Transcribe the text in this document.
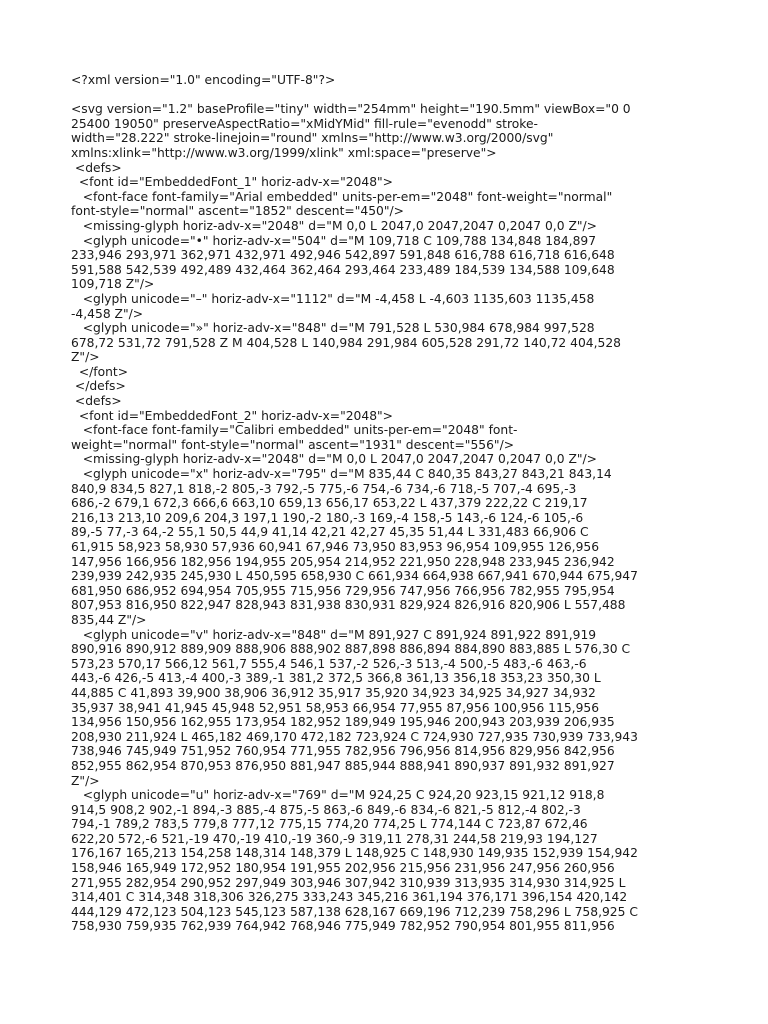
<?xml version="1.0" encoding="UTF-8"?>
<svg version="1.2" baseProfile="tiny" width="254mm" height="190.5mm" viewBox="0 0
25400 19050" preserveAspectRatio="xMidYMid" fill-rule="evenodd" stroke-
width="28.222" stroke-linejoin="round" xmlns="http://www.w3.org/2000/svg"
xmlns:xlink="http://www.w3.org/1999/xlink" xml:space="preserve">
<defs>
<font id="EmbeddedFont_1" horiz-adv-x="2048">
<font-face font-family="Arial embedded" units-per-em="2048" font-weight="normal"
font-style="normal" ascent="1852" descent="450"/>
<missing-glyph horiz-adv-x="2048" d="M 0,0 L 2047,0 2047,2047 0,2047 0,0 Z"/>
<glyph unicode="•" horiz-adv-x="504" d="M 109,718 C 109,788 134,848 184,897
233,946 293,971 362,971 432,971 492,946 542,897 591,848 616,788 616,718 616,648
591,588 542,539 492,489 432,464 362,464 293,464 233,489 184,539 134,588 109,648
109,718 Z"/>
<glyph unicode="–" horiz-adv-x="1112" d="M -4,458 L -4,603 1135,603 1135,458
-4,458 Z"/>
<glyph unicode="»" horiz-adv-x="848" d="M 791,528 L 530,984 678,984 997,528
678,72 531,72 791,528 Z M 404,528 L 140,984 291,984 605,528 291,72 140,72 404,528
Z"/>
</font>
</defs>
<defs>
<font id="EmbeddedFont_2" horiz-adv-x="2048">
<font-face font-family="Calibri embedded" units-per-em="2048" font-
weight="normal" font-style="normal" ascent="1931" descent="556"/>
<missing-glyph horiz-adv-x="2048" d="M 0,0 L 2047,0 2047,2047 0,2047 0,0 Z"/>
<glyph unicode="x" horiz-adv-x="795" d="M 835,44 C 840,35 843,27 843,21 843,14
840,9 834,5 827,1 818,-2 805,-3 792,-5 775,-6 754,-6 734,-6 718,-5 707,-4 695,-3
686,-2 679,1 672,3 666,6 663,10 659,13 656,17 653,22 L 437,379 222,22 C 219,17
216,13 213,10 209,6 204,3 197,1 190,-2 180,-3 169,-4 158,-5 143,-6 124,-6 105,-6
89,-5 77,-3 64,-2 55,1 50,5 44,9 41,14 42,21 42,27 45,35 51,44 L 331,483 66,906 C
61,915 58,923 58,930 57,936 60,941 67,946 73,950 83,953 96,954 109,955 126,956
147,956 166,956 182,956 194,955 205,954 214,952 221,950 228,948 233,945 236,942
239,939 242,935 245,930 L 450,595 658,930 C 661,934 664,938 667,941 670,944 675,947
681,950 686,952 694,954 705,955 715,956 729,956 747,956 766,956 782,955 795,954
807,953 816,950 822,947 828,943 831,938 830,931 829,924 826,916 820,906 L 557,488
835,44 Z"/>
<glyph unicode="v" horiz-adv-x="848" d="M 891,927 C 891,924 891,922 891,919
890,916 890,912 889,909 888,906 888,902 887,898 886,894 884,890 883,885 L 576,30 C
573,23 570,17 566,12 561,7 555,4 546,1 537,-2 526,-3 513,-4 500,-5 483,-6 463,-6
443,-6 426,-5 413,-4 400,-3 389,-1 381,2 372,5 366,8 361,13 356,18 353,23 350,30 L
44,885 C 41,893 39,900 38,906 36,912 35,917 35,920 34,923 34,925 34,927 34,932
35,937 38,941 41,945 45,948 52,951 58,953 66,954 77,955 87,956 100,956 115,956
134,956 150,956 162,955 173,954 182,952 189,949 195,946 200,943 203,939 206,935
208,930 211,924 L 465,182 469,170 472,182 723,924 C 724,930 727,935 730,939 733,943
738,946 745,949 751,952 760,954 771,955 782,956 796,956 814,956 829,956 842,956
852,955 862,954 870,953 876,950 881,947 885,944 888,941 890,937 891,932 891,927
Z"/>
<glyph unicode="u" horiz-adv-x="769" d="M 924,25 C 924,20 923,15 921,12 918,8
914,5 908,2 902,-1 894,-3 885,-4 875,-5 863,-6 849,-6 834,-6 821,-5 812,-4 802,-3
794,-1 789,2 783,5 779,8 777,12 775,15 774,20 774,25 L 774,144 C 723,87 672,46
622,20 572,-6 521,-19 470,-19 410,-19 360,-9 319,11 278,31 244,58 219,93 194,127
176,167 165,213 154,258 148,314 148,379 L 148,925 C 148,930 149,935 152,939 154,942
158,946 165,949 172,952 180,954 191,955 202,956 215,956 231,956 247,956 260,956
271,955 282,954 290,952 297,949 303,946 307,942 310,939 313,935 314,930 314,925 L
314,401 C 314,348 318,306 326,275 333,243 345,216 361,194 376,171 396,154 420,142
444,129 472,123 504,123 545,123 587,138 628,167 669,196 712,239 758,296 L 758,925 C
758,930 759,935 762,939 764,942 768,946 775,949 782,952 790,954 801,955 811,956
